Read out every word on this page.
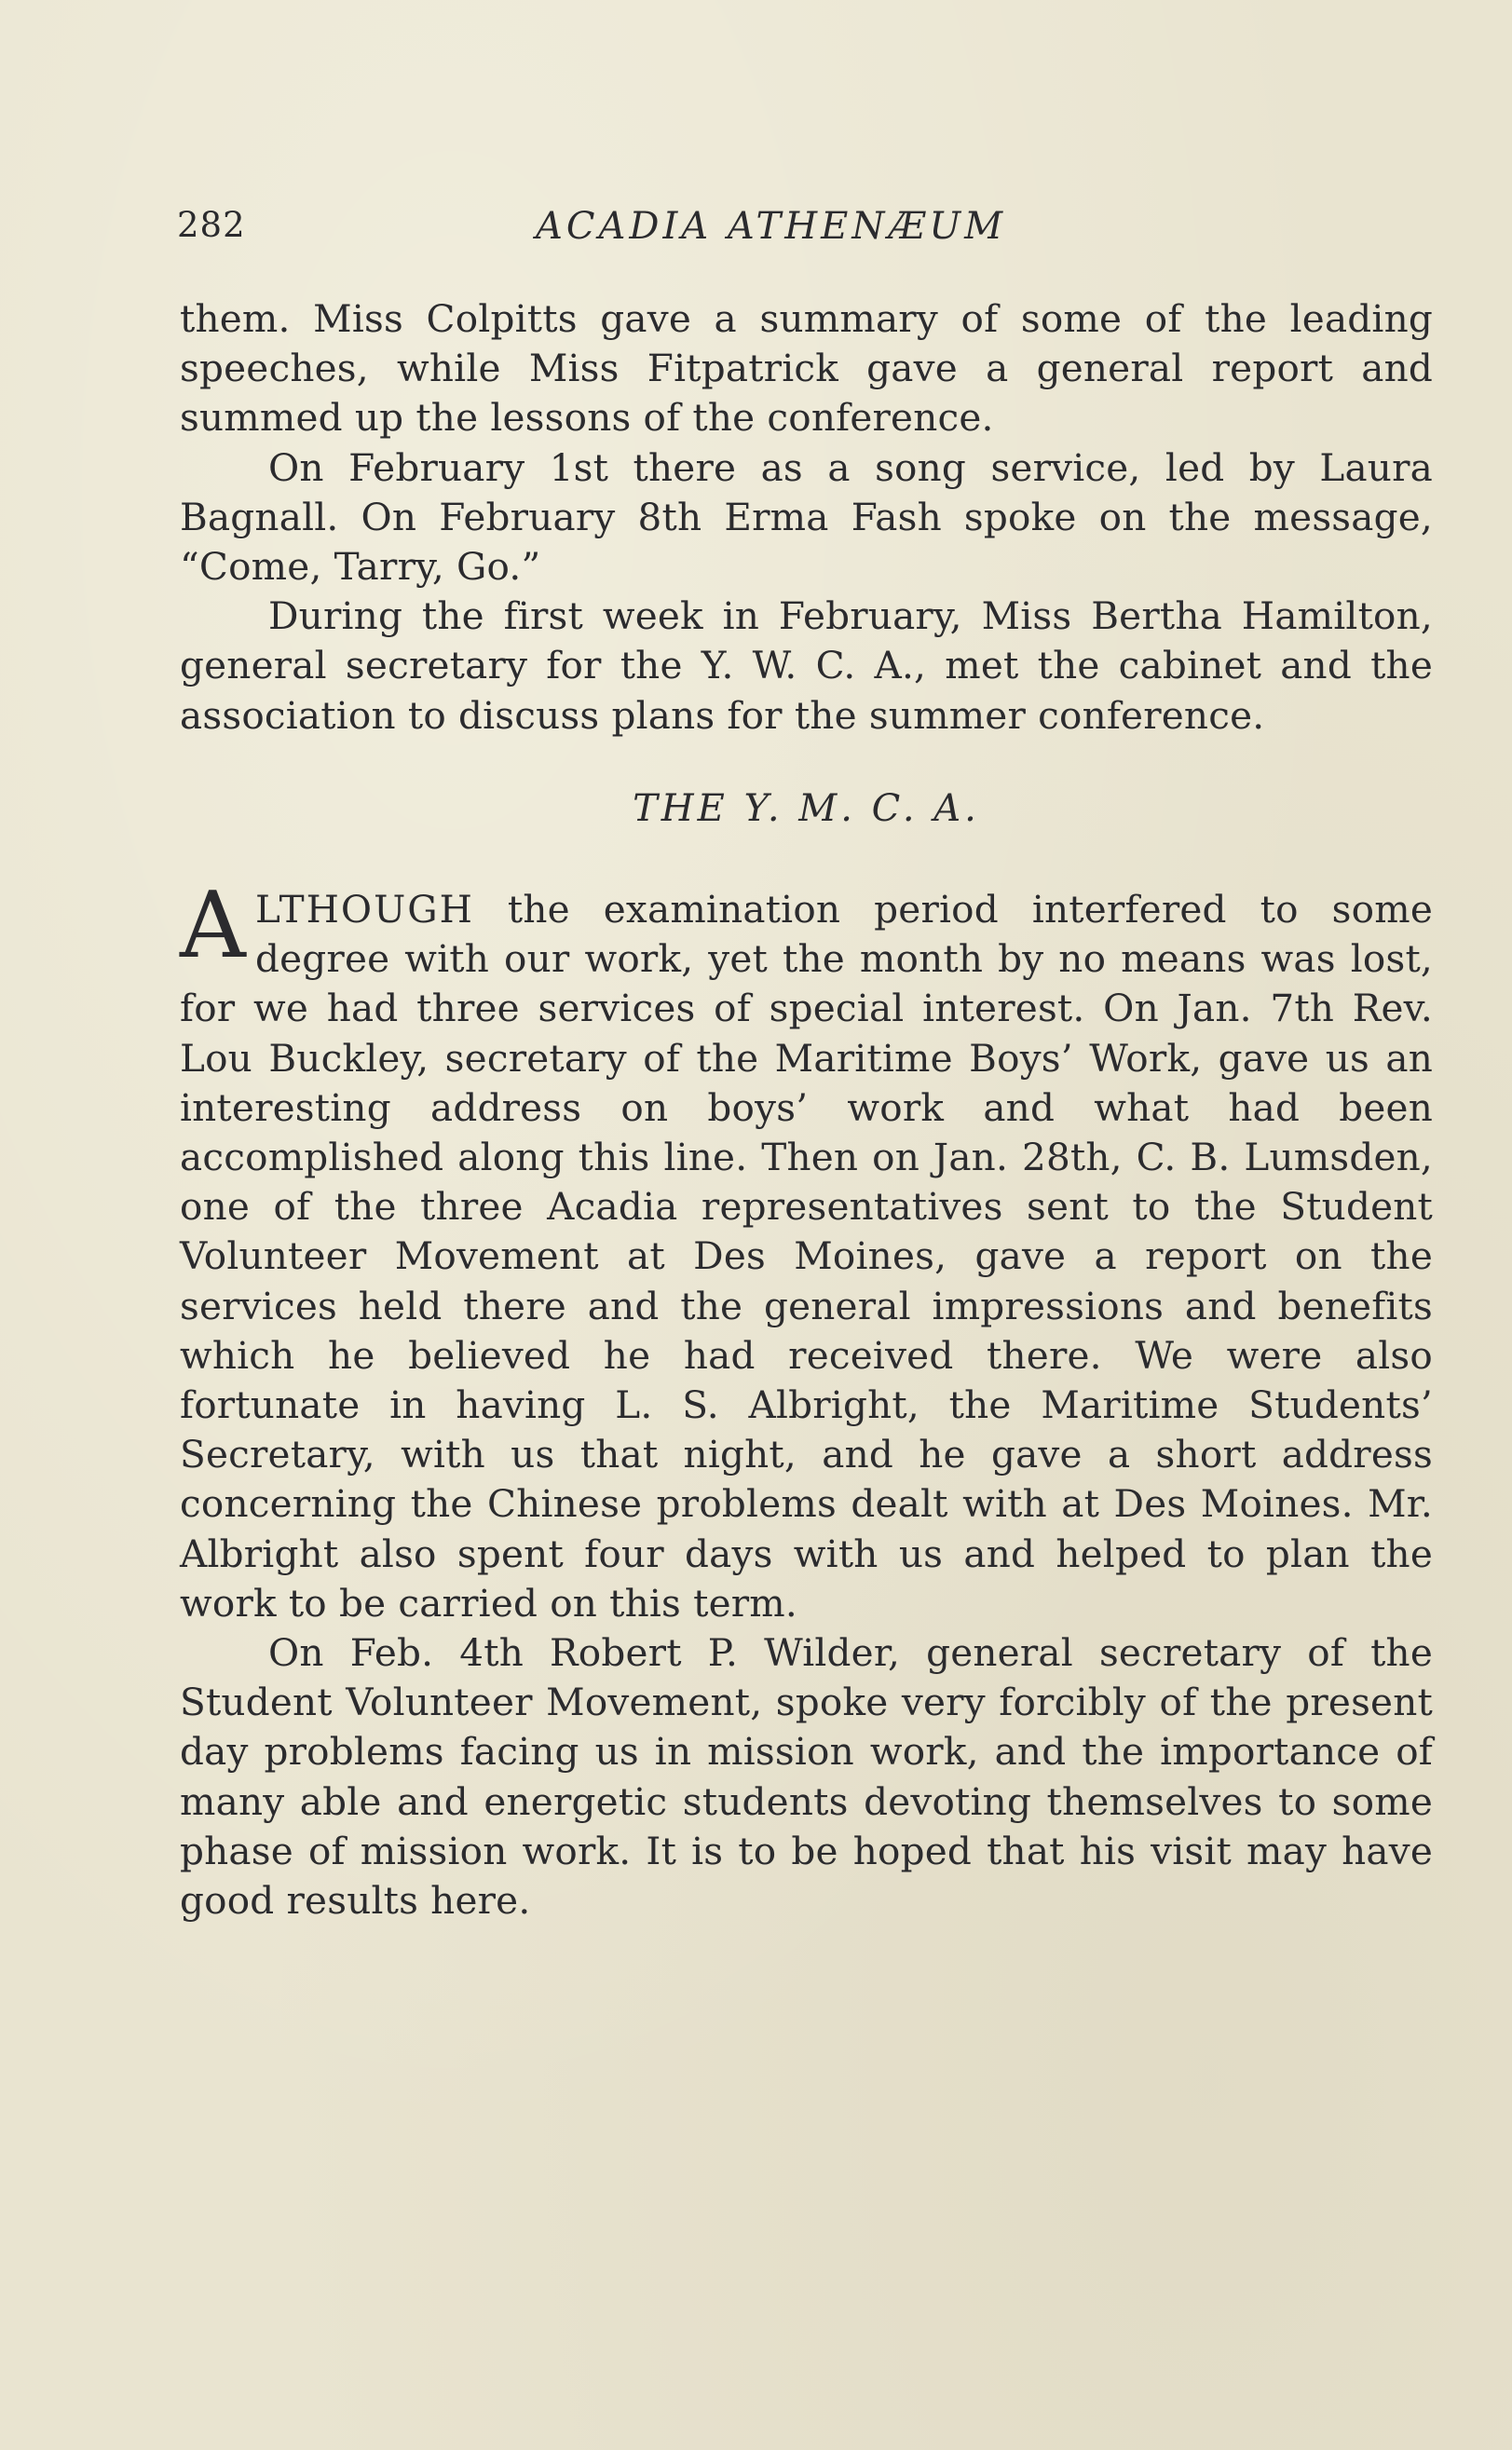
282	ACADIA ATHENÆUM

them. Miss Colpitts gave a summary of some of the leading speeches, while Miss Fitpatrick gave a general report and summed up the lessons of the conference.

On February 1st there as a song service, led by Laura Bagnall. On February 8th Erma Fash spoke on the message, “Come, Tarry, Go.”

During the first week in February, Miss Bertha Hamilton, general secretary for the Y. W. C. A., met the cabinet and the association to discuss plans for the summer conference.

THE Y. M. C. A.

ALTHOUGH the examination period interfered to some degree with our work, yet the month by no means was lost, for we had three services of special interest. On Jan. 7th Rev. Lou Buckley, secretary of the Maritime Boys’ Work, gave us an interesting address on boys’ work and what had been accomplished along this line. Then on Jan. 28th, C. B. Lumsden, one of the three Acadia representatives sent to the Student Volunteer Movement at Des Moines, gave a report on the services held there and the general impressions and benefits which he believed he had received there. We were also fortunate in having L. S. Albright, the Maritime Students’ Secretary, with us that night, and he gave a short address concerning the Chinese problems dealt with at Des Moines. Mr. Albright also spent four days with us and helped to plan the work to be carried on this term.

On Feb. 4th Robert P. Wilder, general secretary of the Student Volunteer Movement, spoke very forcibly of the present day problems facing us in mission work, and the importance of many able and energetic students devoting themselves to some phase of mission work. It is to be hoped that his visit may have good results here.
